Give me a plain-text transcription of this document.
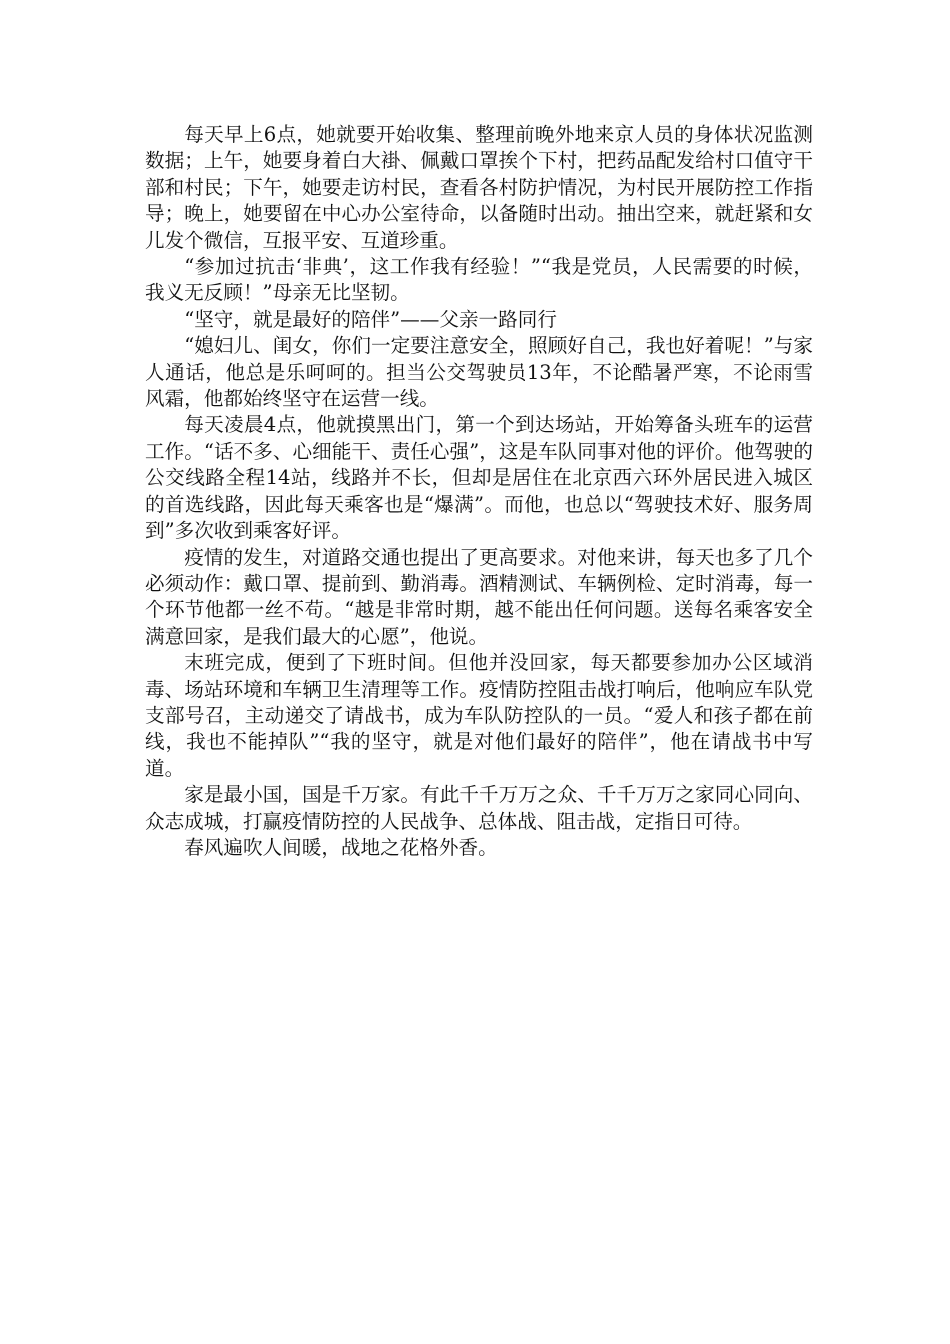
每天早上6点，她就要开始收集、整理前晚外地来京人员的身体状况监测数据；上午，她要身着白大褂、佩戴口罩挨个下村，把药品配发给村口值守干部和村民；下午，她要走访村民，查看各村防护情况，为村民开展防控工作指导；晚上，她要留在中心办公室待命，以备随时出动。抽出空来，就赶紧和女儿发个微信，互报平安、互道珍重。

“参加过抗击‘非典’，这工作我有经验！”“我是党员，人民需要的时候，我义无反顾！”母亲无比坚韧。

“坚守，就是最好的陪伴”——父亲一路同行

“媳妇儿、闺女，你们一定要注意安全，照顾好自己，我也好着呢！”与家人通话，他总是乐呵呵的。担当公交驾驶员13年，不论酷暑严寒，不论雨雪风霜，他都始终坚守在运营一线。

每天凌晨4点，他就摸黑出门，第一个到达场站，开始筹备头班车的运营工作。“话不多、心细能干、责任心强”，这是车队同事对他的评价。他驾驶的公交线路全程14站，线路并不长，但却是居住在北京西六环外居民进入城区的首选线路，因此每天乘客也是“爆满”。而他，也总以“驾驶技术好、服务周到”多次收到乘客好评。

疫情的发生，对道路交通也提出了更高要求。对他来讲，每天也多了几个必须动作：戴口罩、提前到、勤消毒。酒精测试、车辆例检、定时消毒，每一个环节他都一丝不苟。“越是非常时期，越不能出任何问题。送每名乘客安全满意回家，是我们最大的心愿”，他说。

末班完成，便到了下班时间。但他并没回家，每天都要参加办公区域消毒、场站环境和车辆卫生清理等工作。疫情防控阻击战打响后，他响应车队党支部号召，主动递交了请战书，成为车队防控队的一员。“爱人和孩子都在前线，我也不能掉队”“我的坚守，就是对他们最好的陪伴”，他在请战书中写道。

家是最小国，国是千万家。有此千千万万之众、千千万万之家同心同向、众志成城，打赢疫情防控的人民战争、总体战、阻击战，定指日可待。

春风遍吹人间暖，战地之花格外香。
